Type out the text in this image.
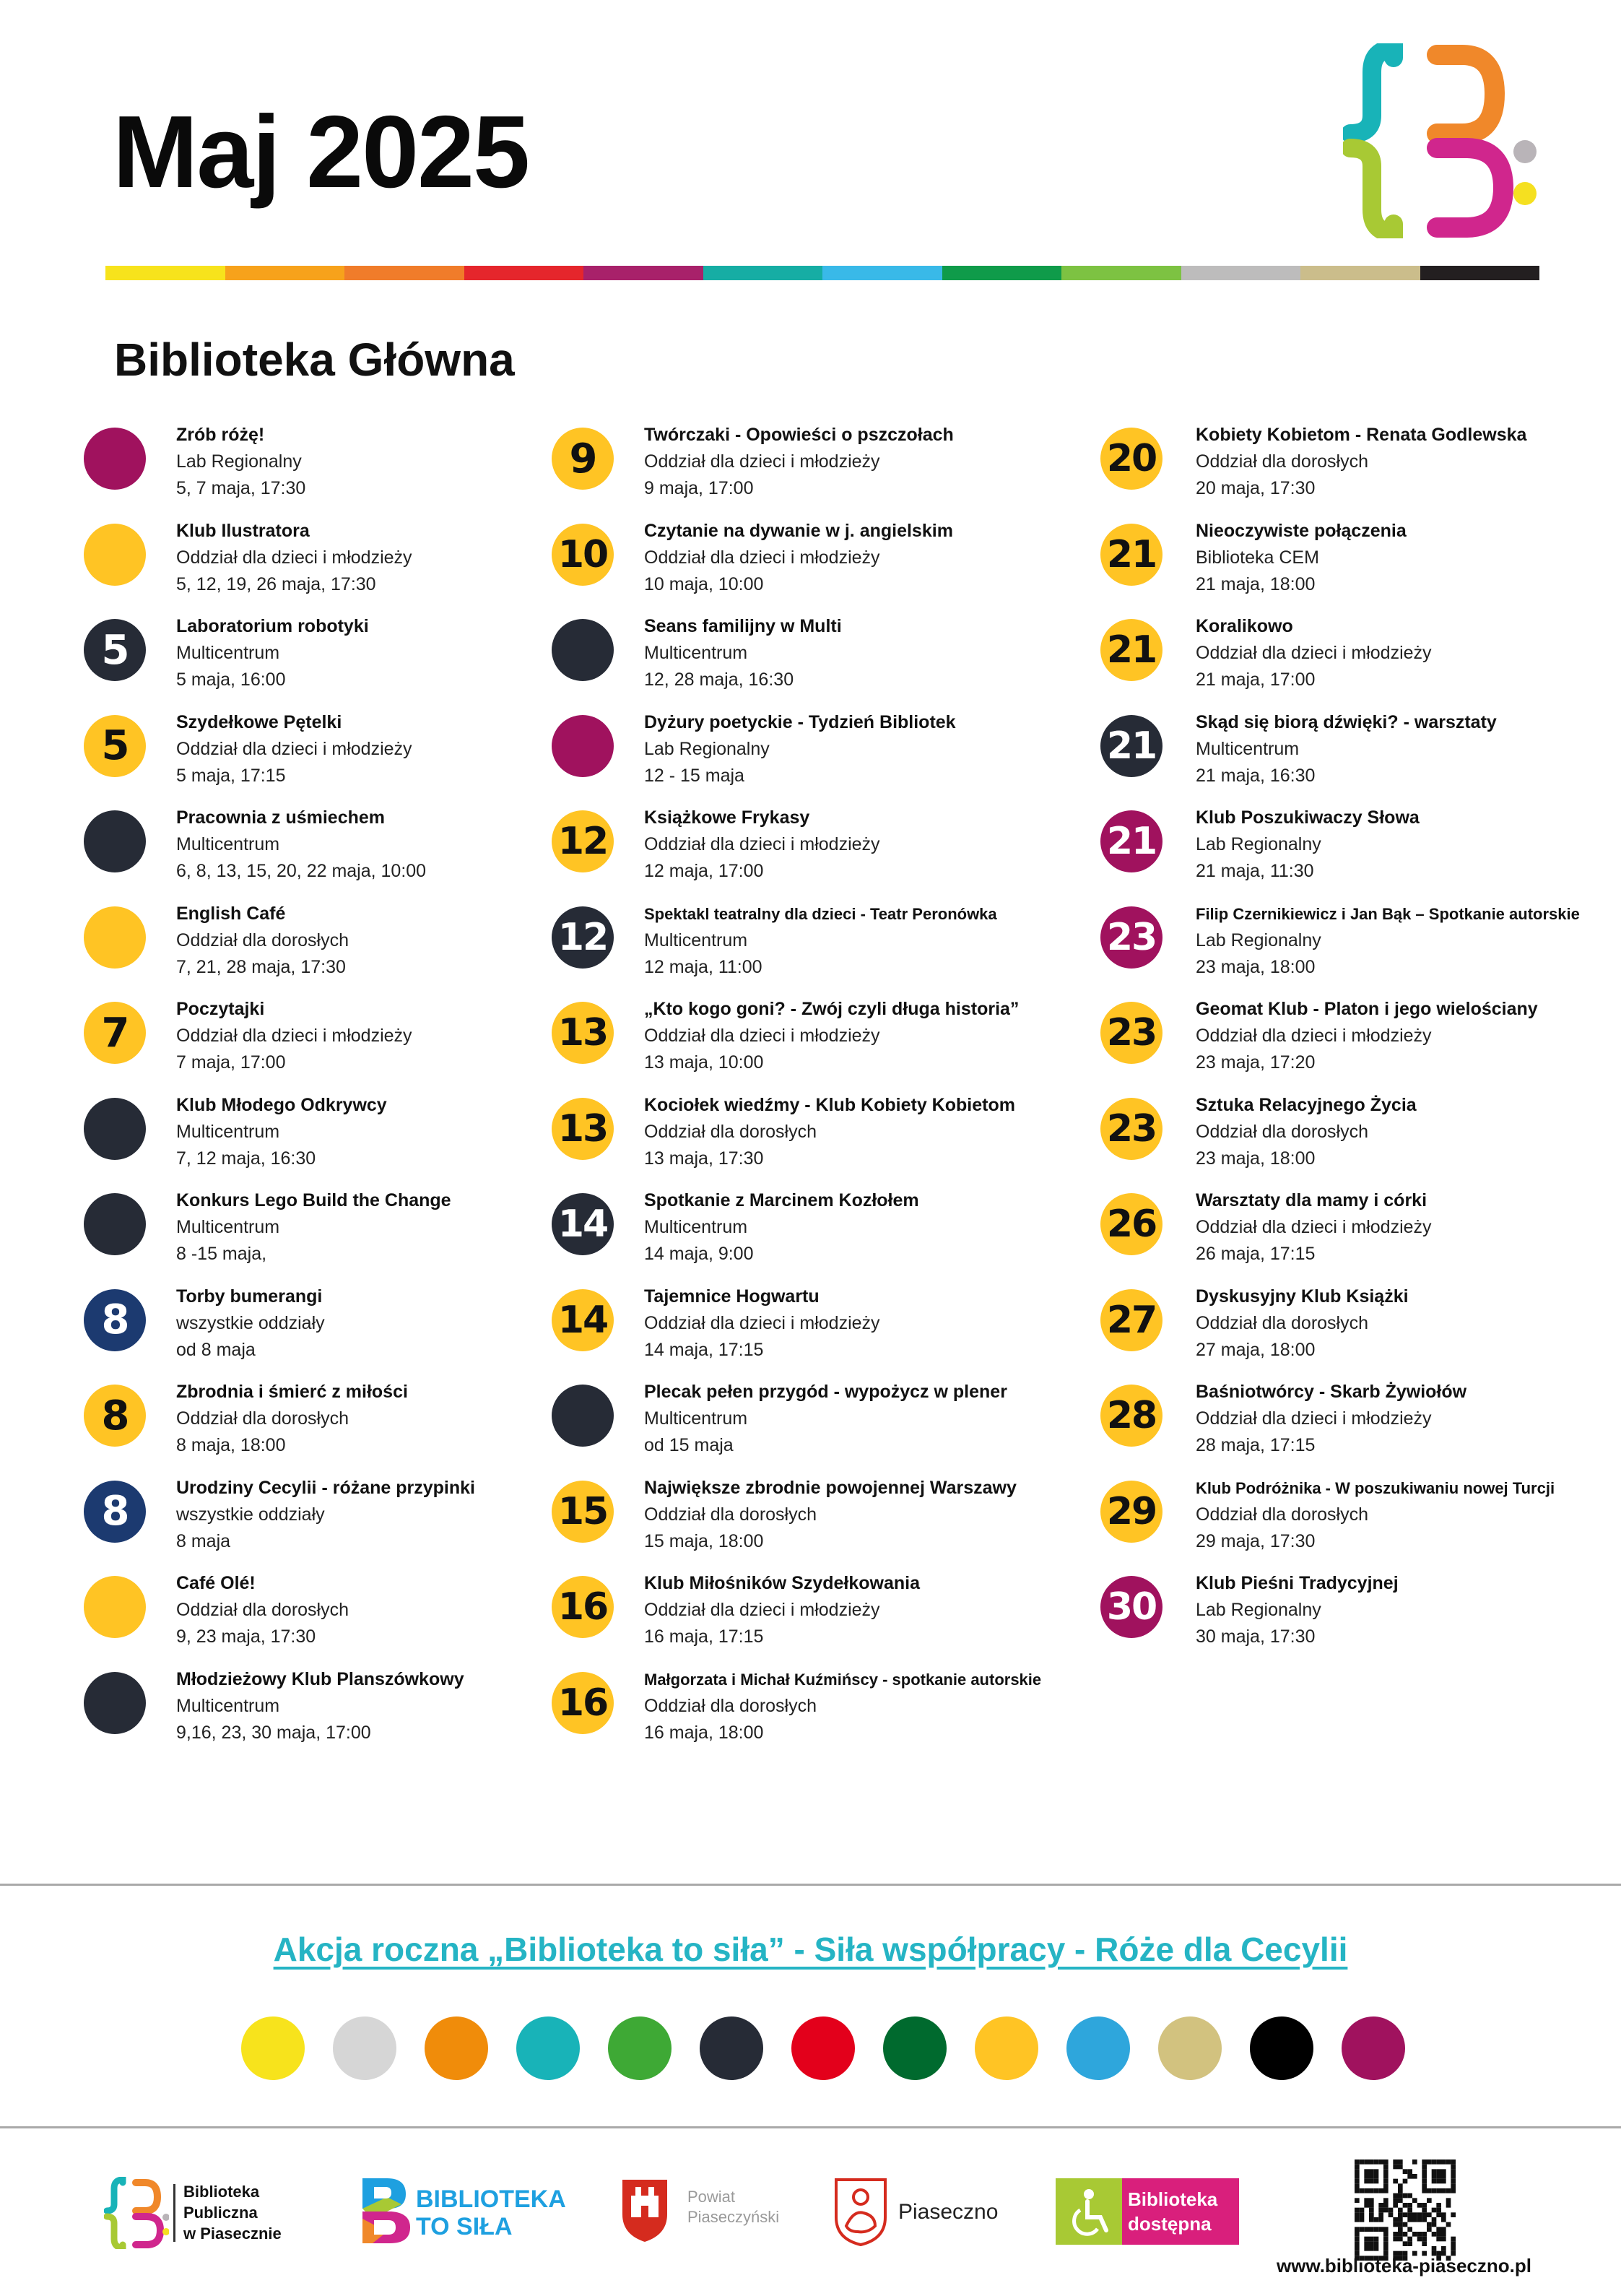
Maj 2025
Biblioteka Główna
Zrób różę!
Lab Regionalny
5, 7 maja, 17:30
Klub Ilustratora
Oddział dla dzieci i młodzieży
5, 12, 19, 26 maja, 17:30
5
Laboratorium robotyki
Multicentrum
5 maja, 16:00
5
Szydełkowe Pętelki
Oddział dla dzieci i młodzieży
5 maja, 17:15
Pracownia z uśmiechem
Multicentrum
6, 8, 13, 15, 20, 22 maja, 10:00
English Café
Oddział dla dorosłych
7, 21, 28 maja, 17:30
7
Poczytajki
Oddział dla dzieci i młodzieży
7 maja, 17:00
Klub Młodego Odkrywcy
Multicentrum
7, 12 maja, 16:30
Konkurs Lego Build the Change
Multicentrum
8 -15 maja,
8
Torby bumerangi
wszystkie oddziały
od 8 maja
8
Zbrodnia i śmierć z miłości
Oddział dla dorosłych
8 maja, 18:00
8
Urodziny Cecylii - różane przypinki
wszystkie oddziały
8 maja
Café Olé!
Oddział dla dorosłych
9, 23 maja, 17:30
Młodzieżowy Klub Planszówkowy
Multicentrum
9,16, 23, 30 maja, 17:00
9
Twórczaki - Opowieści o pszczołach
Oddział dla dzieci i młodzieży
9 maja, 17:00
10
Czytanie na dywanie w j. angielskim
Oddział dla dzieci i młodzieży
10 maja, 10:00
Seans familijny w Multi
Multicentrum
12, 28 maja, 16:30
Dyżury poetyckie - Tydzień Bibliotek
Lab Regionalny
12 - 15 maja
12
Książkowe Frykasy
Oddział dla dzieci i młodzieży
12 maja, 17:00
12
Spektakl teatralny dla dzieci - Teatr Peronówka
Multicentrum
12 maja, 11:00
13
„Kto kogo goni? - Zwój czyli długa historia”
Oddział dla dzieci i młodzieży
13 maja, 10:00
13
Kociołek wiedźmy - Klub Kobiety Kobietom
Oddział dla dorosłych
13 maja, 17:30
14
Spotkanie z Marcinem Kozłołem
Multicentrum
14 maja, 9:00
14
Tajemnice Hogwartu
Oddział dla dzieci i młodzieży
14 maja, 17:15
Plecak pełen przygód - wypożycz w plener
Multicentrum
od 15 maja
15
Największe zbrodnie powojennej Warszawy
Oddział dla dorosłych
15 maja, 18:00
16
Klub Miłośników Szydełkowania
Oddział dla dzieci i młodzieży
16 maja, 17:15
16
Małgorzata i Michał Kuźmińscy - spotkanie autorskie
Oddział dla dorosłych
16 maja, 18:00
20
Kobiety Kobietom - Renata Godlewska
Oddział dla dorosłych
20 maja, 17:30
21
Nieoczywiste połączenia
Biblioteka CEM
21 maja, 18:00
21
Koralikowo
Oddział dla dzieci i młodzieży
21 maja, 17:00
21
Skąd się biorą dźwięki? - warsztaty
Multicentrum
21 maja, 16:30
21
Klub Poszukiwaczy Słowa
Lab Regionalny
21 maja, 11:30
23
Filip Czernikiewicz i Jan Bąk – Spotkanie autorskie
Lab Regionalny
23 maja, 18:00
23
Geomat Klub - Platon i jego wielościany
Oddział dla dzieci i młodzieży
23 maja, 17:20
23
Sztuka Relacyjnego Życia
Oddział dla dorosłych
23 maja, 18:00
26
Warsztaty dla mamy i córki
Oddział dla dzieci i młodzieży
26 maja, 17:15
27
Dyskusyjny Klub Książki
Oddział dla dorosłych
27 maja, 18:00
28
Baśniotwórcy - Skarb Żywiołów
Oddział dla dzieci i młodzieży
28 maja, 17:15
29
Klub Podróżnika - W poszukiwaniu nowej Turcji
Oddział dla dorosłych
29 maja, 17:30
30
Klub Pieśni Tradycyjnej
Lab Regionalny
30 maja, 17:30
Akcja roczna „Biblioteka to siła” - Siła współpracy - Róże dla Cecylii
Biblioteka
Publiczna
w Piasecznie
BIBLIOTEKA
TO SIŁA
Powiat
Piaseczyński	Piaseczno
Biblioteka
dostępna
www.biblioteka-piaseczno.pl
